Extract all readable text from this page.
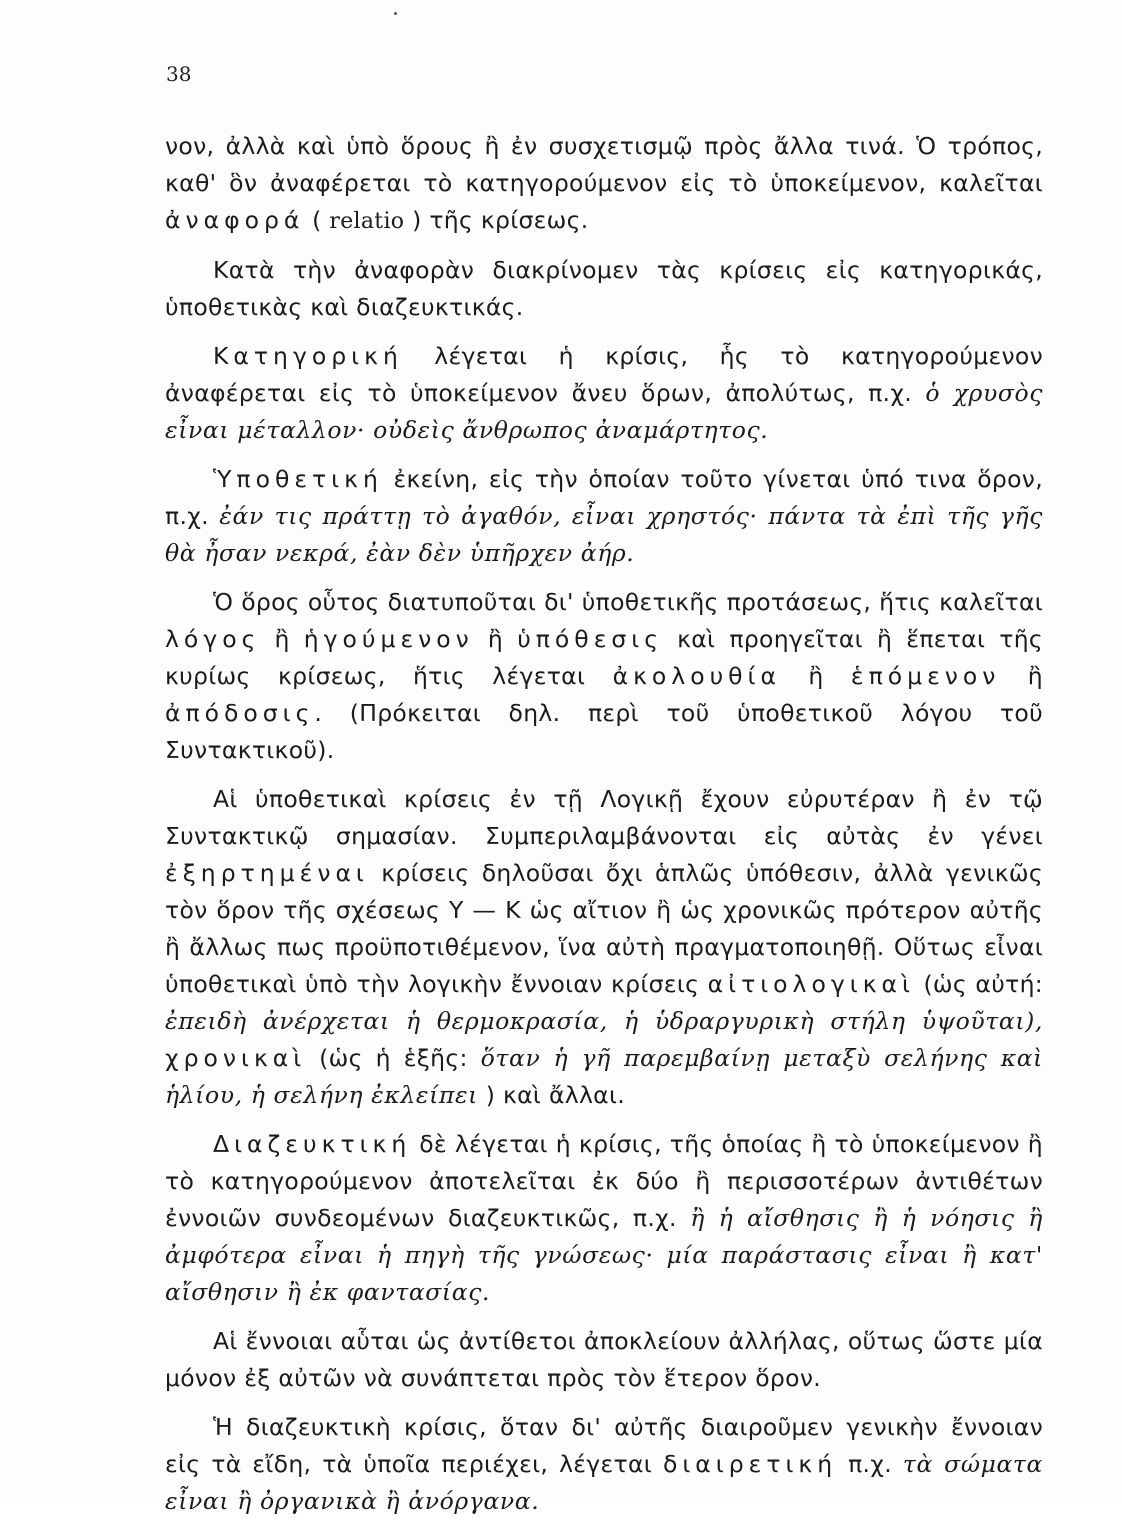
38

νον, ἀλλὰ καὶ ὑπὸ ὅρους ἢ ἐν συσχετισμῷ πρὸς ἄλλα τινά. Ὁ τρόπος, καθ' ὃν ἀναφέρεται τὸ κατηγορούμενον εἰς τὸ ὑποκείμενον, καλεῖται ἀναφορά ( relatio ) τῆς κρίσεως.

Κατὰ τὴν ἀναφορὰν διακρίνομεν τὰς κρίσεις εἰς κατηγορικάς, ὑποθετικὰς καὶ διαζευκτικάς.

Κατηγορική λέγεται ἡ κρίσις, ἧς τὸ κατηγορούμενον ἀναφέρεται εἰς τὸ ὑποκείμενον ἄνευ ὅρων, ἀπολύτως, π.χ. ὁ χρυσὸς εἶναι μέταλλον· οὐδεὶς ἄνθρωπος ἀναμάρτητος.

Ὑποθετική ἐκείνη, εἰς τὴν ὁποίαν τοῦτο γίνεται ὑπό τινα ὅρον, π.χ. ἐάν τις πράττῃ τὸ ἀγαθόν, εἶναι χρηστός· πάντα τὰ ἐπὶ τῆς γῆς θὰ ἦσαν νεκρά, ἐὰν δὲν ὑπῆρχεν ἀήρ.

Ὁ ὅρος οὗτος διατυποῦται δι' ὑποθετικῆς προτάσεως, ἥτις καλεῖται λόγος ἢ ἡγούμενον ἢ ὑπόθεσις καὶ προηγεῖται ἢ ἕπεται τῆς κυρίως κρίσεως, ἥτις λέγεται ἀκολουθία ἢ ἑπόμενον ἢ ἀπόδοσις. (Πρόκειται δηλ. περὶ τοῦ ὑποθετικοῦ λόγου τοῦ Συντακτικοῦ).

Αἱ ὑποθετικαὶ κρίσεις ἐν τῇ Λογικῇ ἔχουν εὐρυτέραν ἢ ἐν τῷ Συντακτικῷ σημασίαν. Συμπεριλαμβάνονται εἰς αὐτὰς ἐν γένει ἐξηρτημέναι κρίσεις δηλοῦσαι ὄχι ἁπλῶς ὑπόθεσιν, ἀλλὰ γενικῶς τὸν ὅρον τῆς σχέσεως Υ — Κ ὡς αἴτιον ἢ ὡς χρονικῶς πρότερον αὐτῆς ἢ ἄλλως πως προϋποτιθέμενον, ἵνα αὐτὴ πραγματοποιηθῇ. Οὕτως εἶναι ὑποθετικαὶ ὑπὸ τὴν λογικὴν ἔννοιαν κρίσεις αἰτιολογικαὶ (ὡς αὐτή: ἐπειδὴ ἀνέρχεται ἡ θερμοκρασία, ἡ ὑδραργυρικὴ στήλη ὑψοῦται), χρονικαὶ (ὡς ἡ ἑξῆς: ὅταν ἡ γῆ παρεμβαίνῃ μεταξὺ σελήνης καὶ ἡλίου, ἡ σελήνη ἐκλείπει ) καὶ ἄλλαι.

Διαζευκτική δὲ λέγεται ἡ κρίσις, τῆς ὁποίας ἢ τὸ ὑποκείμενον ἢ τὸ κατηγορούμενον ἀποτελεῖται ἐκ δύο ἢ περισσοτέρων ἀντιθέτων ἐννοιῶν συνδεομένων διαζευκτικῶς, π.χ. ἢ ἡ αἴσθησις ἢ ἡ νόησις ἢ ἀμφότερα εἶναι ἡ πηγὴ τῆς γνώσεως· μία παράστασις εἶναι ἢ κατ' αἴσθησιν ἢ ἐκ φαντασίας.

Αἱ ἔννοιαι αὗται ὡς ἀντίθετοι ἀποκλείουν ἀλλήλας, οὕτως ὥστε μία μόνον ἐξ αὐτῶν νὰ συνάπτεται πρὸς τὸν ἕτερον ὅρον.

Ἡ διαζευκτικὴ κρίσις, ὅταν δι' αὐτῆς διαιροῦμεν γενικὴν ἔννοιαν εἰς τὰ εἴδη, τὰ ὑποῖα περιέχει, λέγεται διαιρετική π.χ. τὰ σώματα εἶναι ἢ ὀργανικὰ ἢ ἀνόργανα.
